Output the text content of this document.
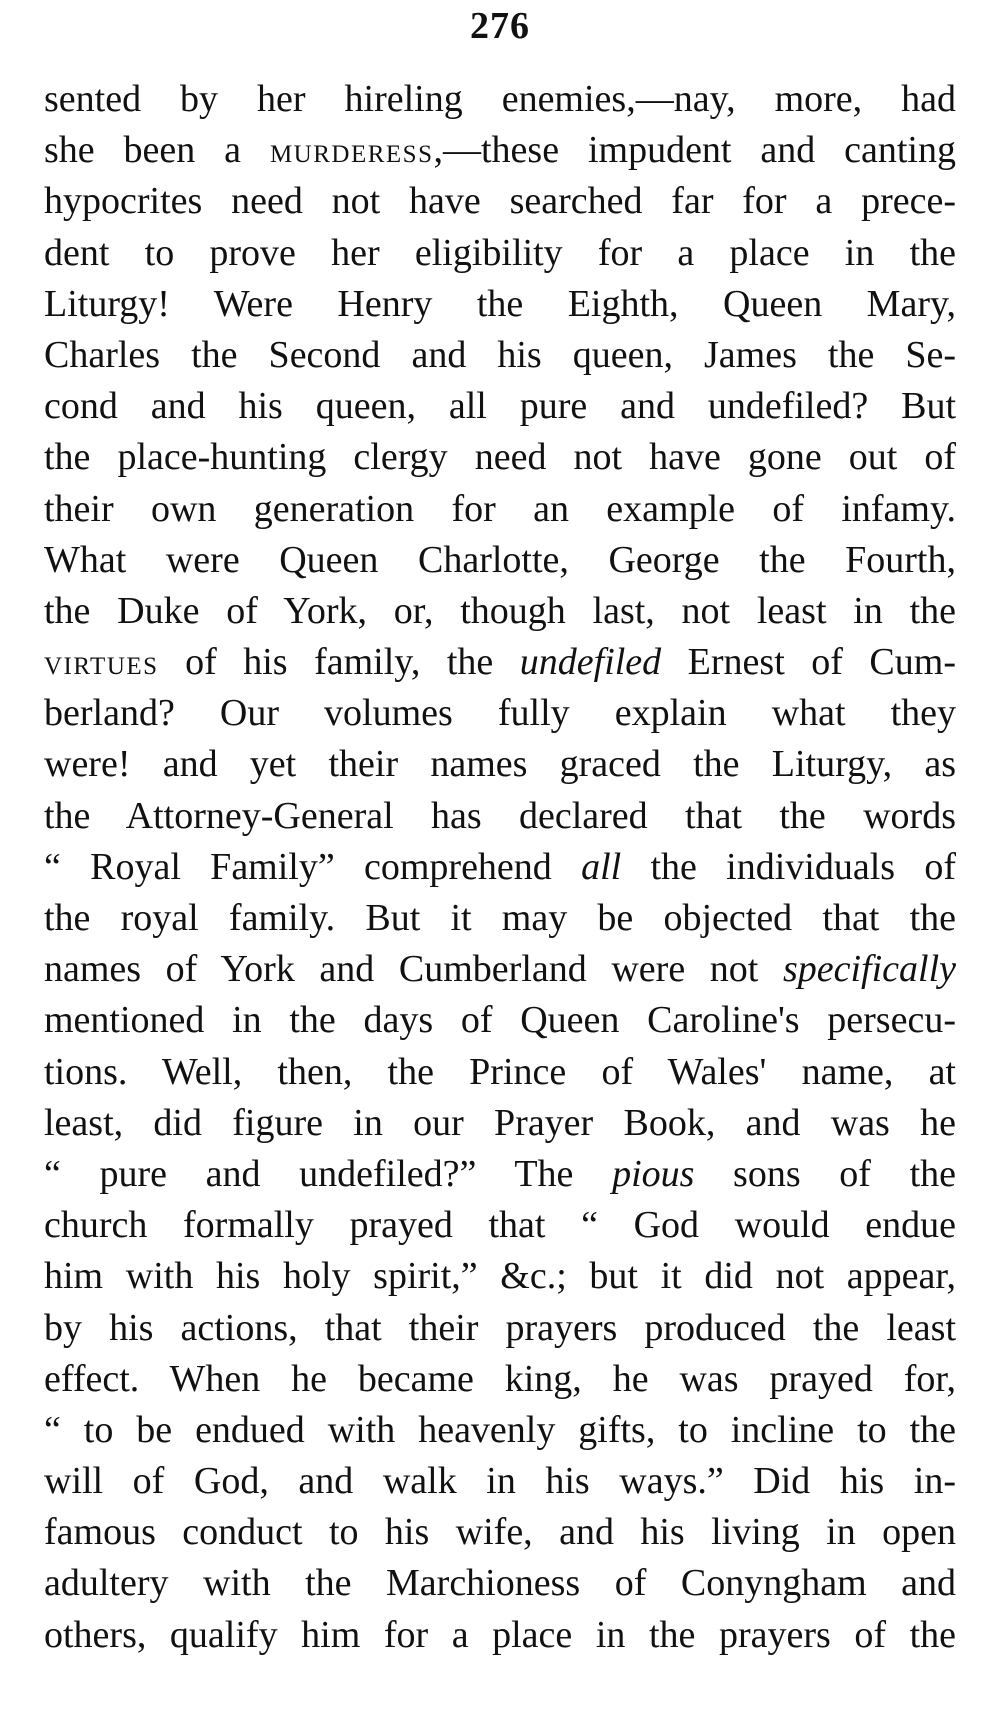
276
sented by her hireling enemies,—nay, more, had
she been a murderess,—these impudent and canting
hypocrites need not have searched far for a prece-
dent to prove her eligibility for a place in the
Liturgy! Were Henry the Eighth, Queen Mary,
Charles the Second and his queen, James the Se-
cond and his queen, all pure and undefiled? But
the place-hunting clergy need not have gone out of
their own generation for an example of infamy.
What were Queen Charlotte, George the Fourth,
the Duke of York, or, though last, not least in the
virtues of his family, the undefiled Ernest of Cum-
berland? Our volumes fully explain what they
were! and yet their names graced the Liturgy, as
the Attorney-General has declared that the words
“ Royal Family” comprehend all the individuals of
the royal family. But it may be objected that the
names of York and Cumberland were not specifically
mentioned in the days of Queen Caroline's persecu-
tions. Well, then, the Prince of Wales' name, at
least, did figure in our Prayer Book, and was he
“ pure and undefiled?” The pious sons of the
church formally prayed that “ God would endue
him with his holy spirit,” &c.; but it did not appear,
by his actions, that their prayers produced the least
effect. When he became king, he was prayed for,
“ to be endued with heavenly gifts, to incline to the
will of God, and walk in his ways.” Did his in-
famous conduct to his wife, and his living in open
adultery with the Marchioness of Conyngham and
others, qualify him for a place in the prayers of the
